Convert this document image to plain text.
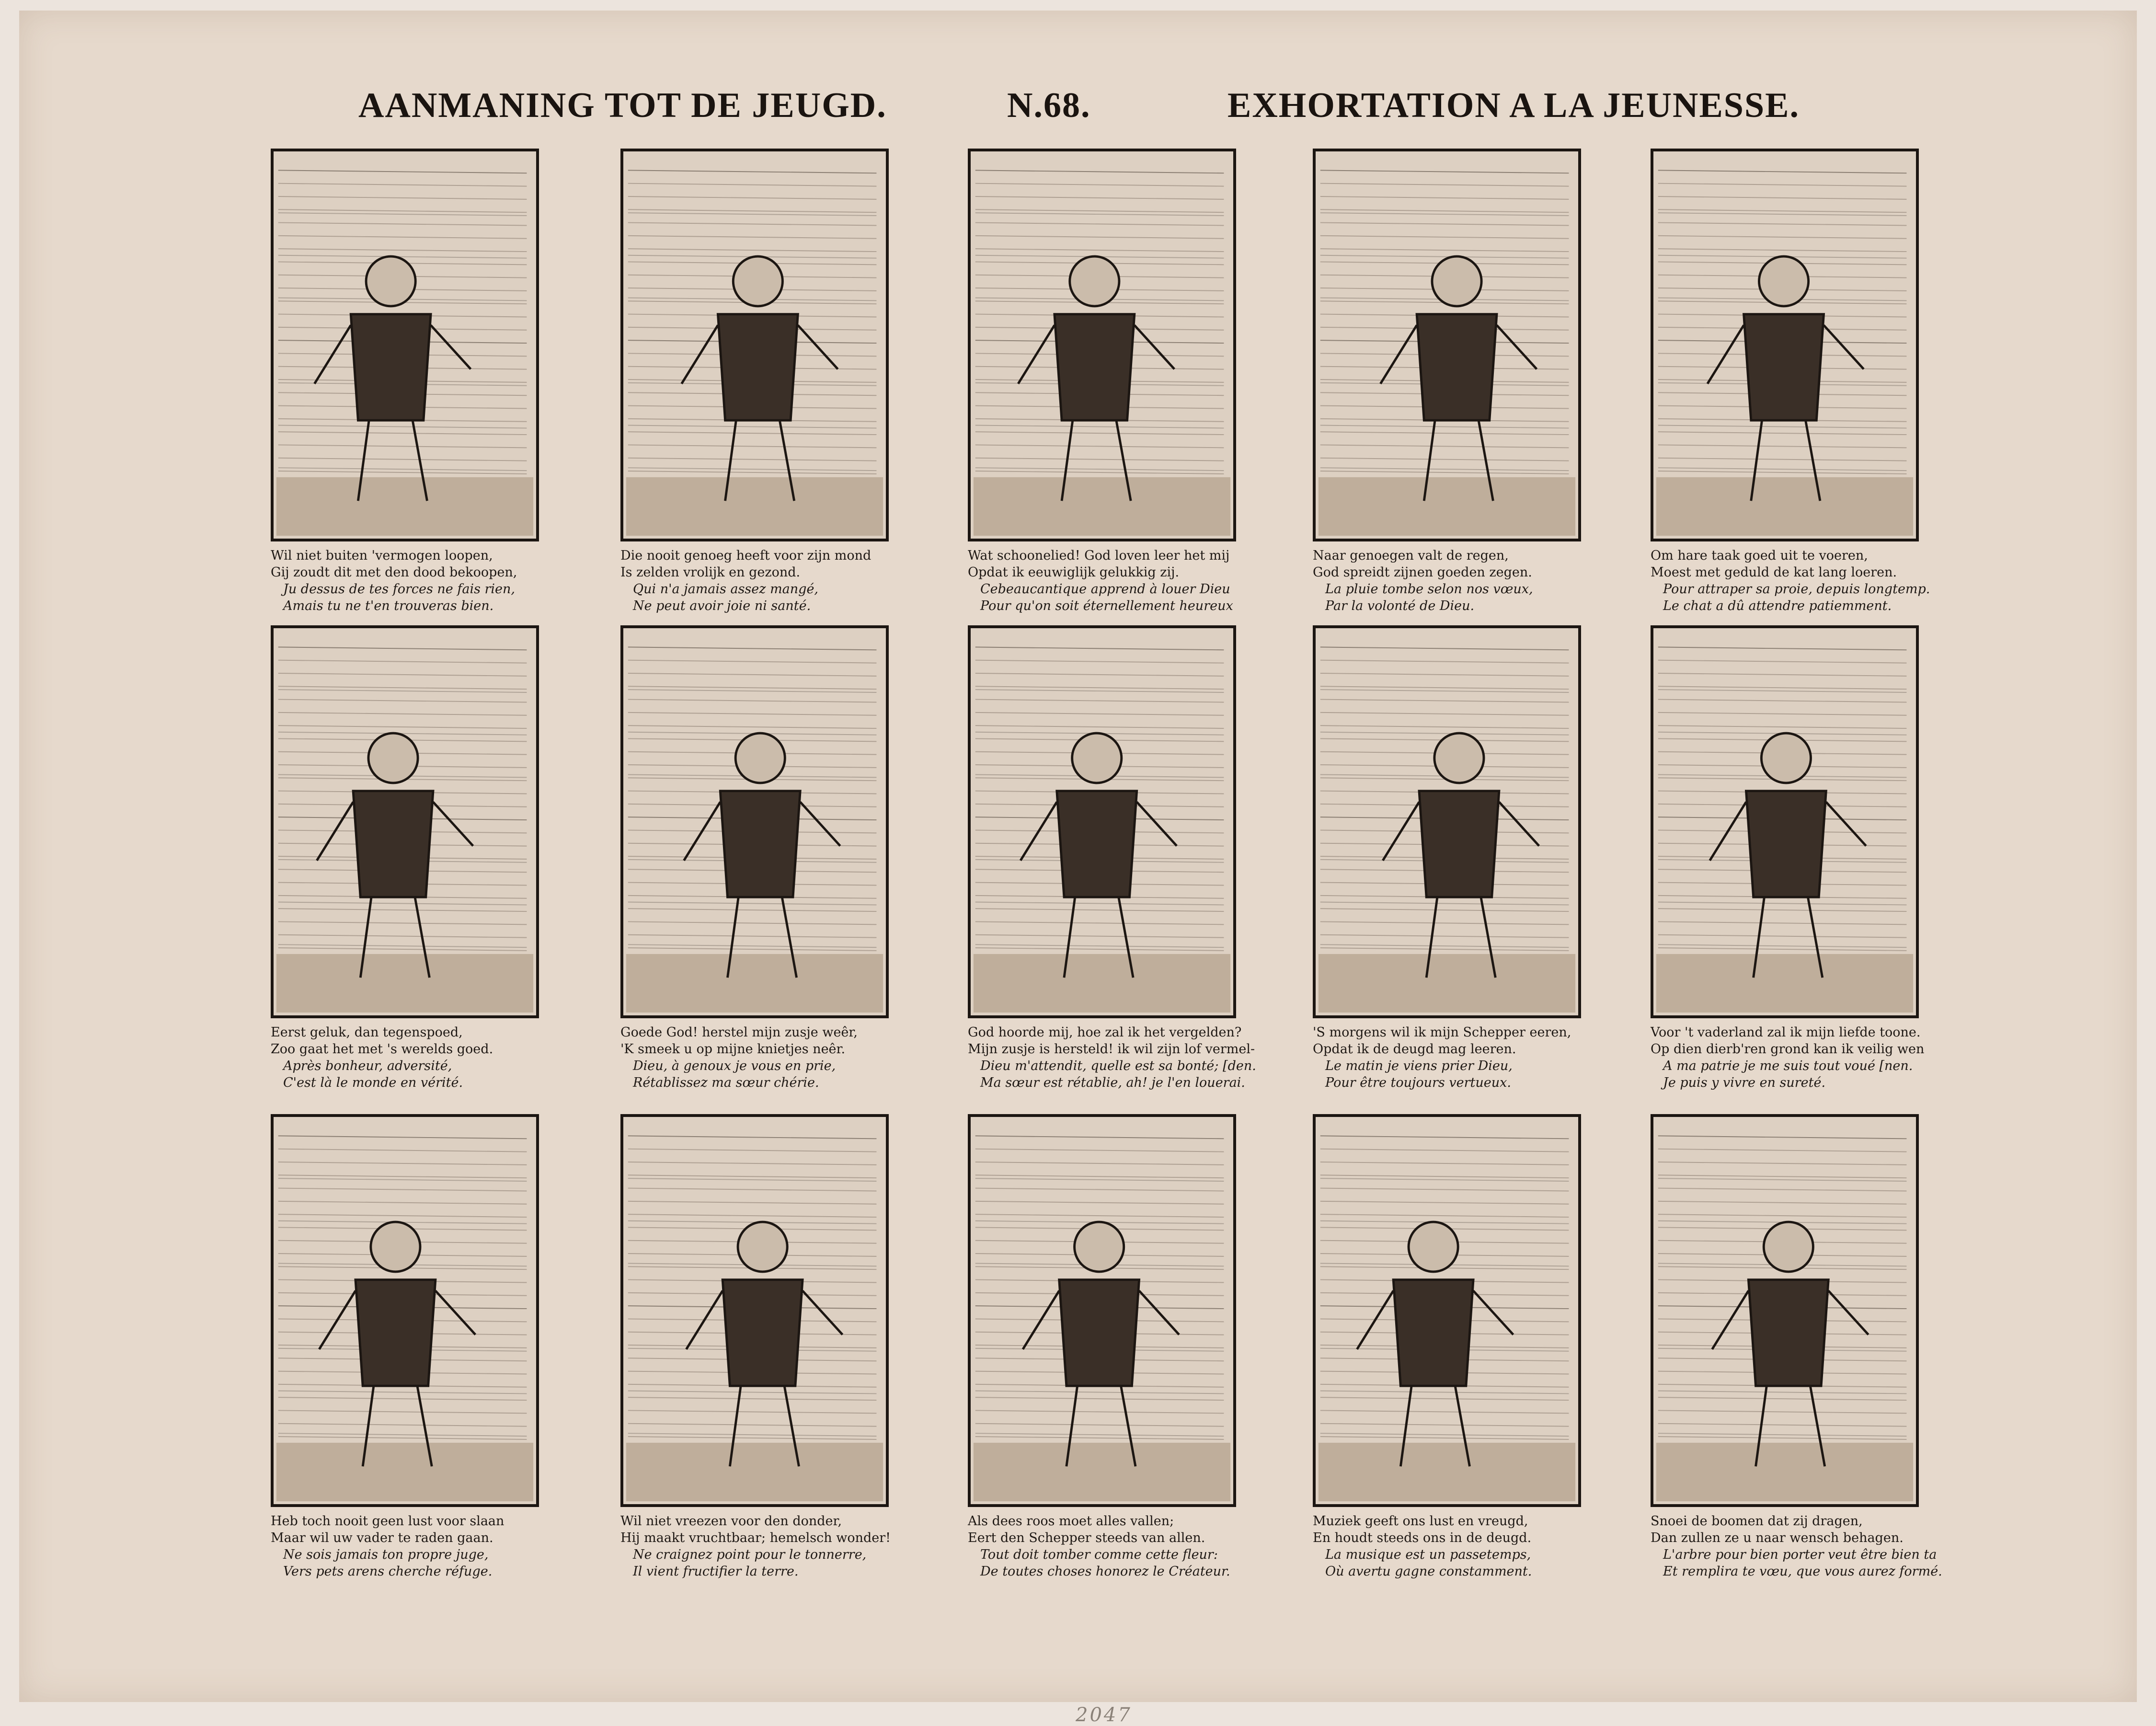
AANMANING TOT DE JEUGD.	N.68.	EXHORTATION A LA JEUNESSE.
Wil niet buiten 'vermogen loopen,
Gij zoudt dit met den dood bekoopen,
Ju dessus de tes forces ne fais rien,
Amais tu ne t'en trouveras bien.
Die nooit genoeg heeft voor zijn mond
Is zelden vrolijk en gezond.
Qui n'a jamais assez mangé,
Ne peut avoir joie ni santé.
Wat schoonelied! God loven leer het mij
Opdat ik eeuwiglijk gelukkig zij.
Cebeaucantique apprend à louer Dieu
Pour qu'on soit éternellement heureux
Naar genoegen valt de regen,
God spreidt zijnen goeden zegen.
La pluie tombe selon nos vœux,
Par la volonté de Dieu.
Om hare taak goed uit te voeren,
Moest met geduld de kat lang loeren.
Pour attraper sa proie, depuis longtemp.
Le chat a dû attendre patiemment.
Eerst geluk, dan tegenspoed,
Zoo gaat het met 's werelds goed.
Après bonheur, adversité,
C'est là le monde en vérité.
Goede God! herstel mijn zusje weêr,
'K smeek u op mijne knietjes neêr.
Dieu, à genoux je vous en prie,
Rétablissez ma sœur chérie.
God hoorde mij, hoe zal ik het vergelden?
Mijn zusje is hersteld! ik wil zijn lof vermel-
Dieu m'attendit, quelle est sa bonté; [den.
Ma sœur est rétablie, ah! je l'en louerai.
'S morgens wil ik mijn Schepper eeren,
Opdat ik de deugd mag leeren.
Le matin je viens prier Dieu,
Pour être toujours vertueux.
Voor 't vaderland zal ik mijn liefde toone.
Op dien dierb'ren grond kan ik veilig wen
A ma patrie je me suis tout voué [nen.
Je puis y vivre en sureté.
Heb toch nooit geen lust voor slaan
Maar wil uw vader te raden gaan.
Ne sois jamais ton propre juge,
Vers pets arens cherche réfuge.
Wil niet vreezen voor den donder,
Hij maakt vruchtbaar; hemelsch wonder!
Ne craignez point pour le tonnerre,
Il vient fructifier la terre.
Als dees roos moet alles vallen;
Eert den Schepper steeds van allen.
Tout doit tomber comme cette fleur:
De toutes choses honorez le Créateur.
Muziek geeft ons lust en vreugd,
En houdt steeds ons in de deugd.
La musique est un passetemps,
Où avertu gagne constamment.
Snoei de boomen dat zij dragen,
Dan zullen ze u naar wensch behagen.
L'arbre pour bien porter veut être bien ta
Et remplira te vœu, que vous aurez formé.
2047
